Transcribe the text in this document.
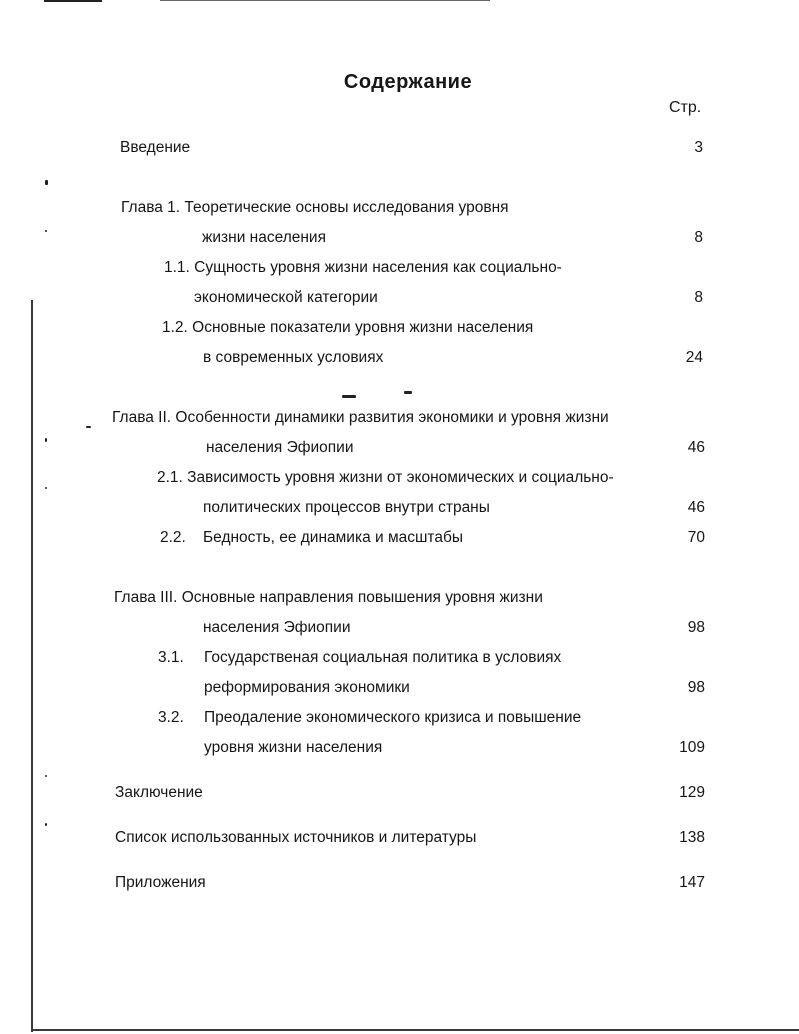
Содержание
Стр.
Введение	3
Глава 1. Теоретические основы исследования уровня
жизни населения	8
1.1. Сущность уровня жизни населения как социально-
экономической категории	8
1.2. Основные показатели уровня жизни населения
в современных условиях	24
Глава II. Особенности динамики развития экономики и уровня жизни
населения Эфиопии	46
2.1. Зависимость уровня жизни от экономических и социально-
политических процессов внутри страны	46
2.2. Бедность, ее динамика и масштабы	70
Глава III. Основные направления повышения уровня жизни
населения Эфиопии	98
3.1. Государственая социальная политика в условиях
реформирования экономики	98
3.2. Преодаление экономического кризиса и повышение
уровня жизни населения	109
Заключение	129
Список использованных источников и литературы	138
Приложения	147
